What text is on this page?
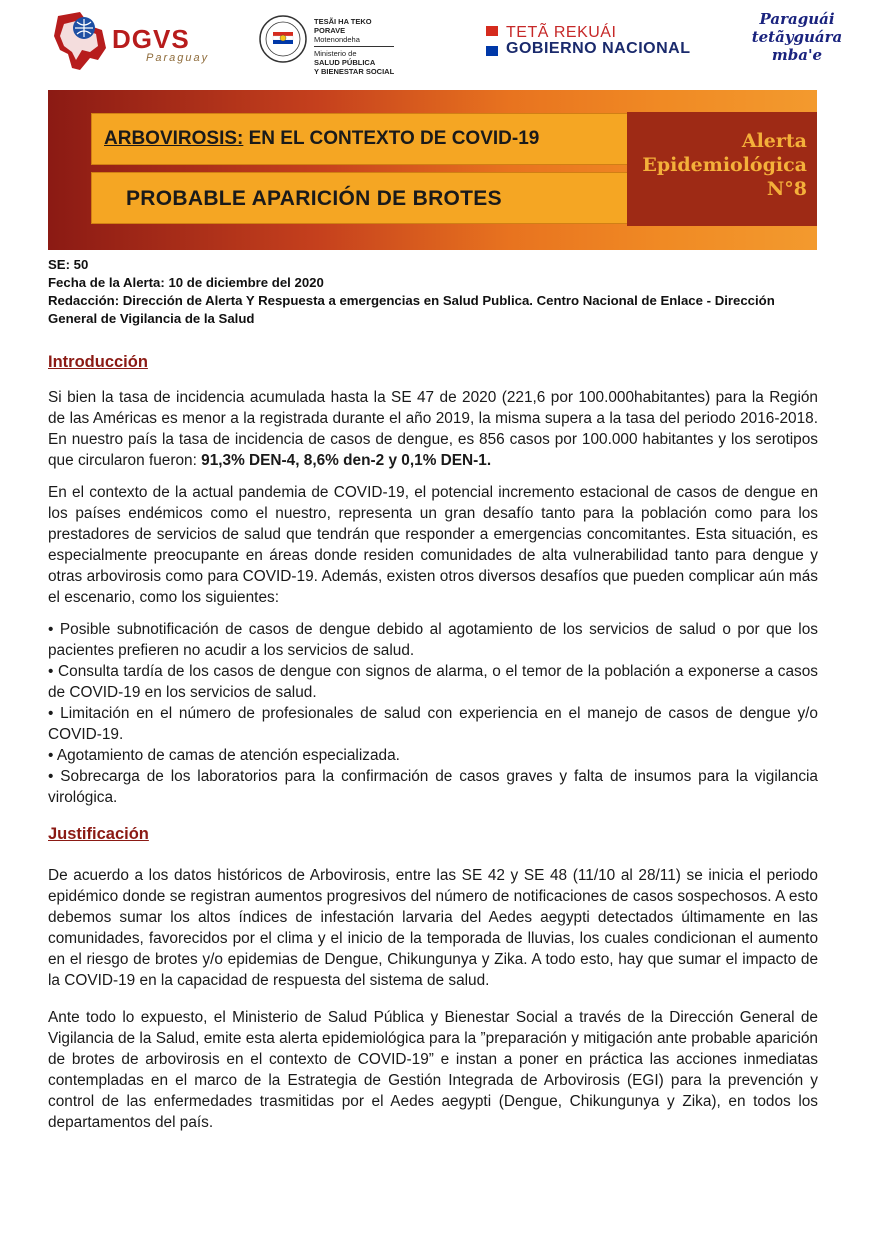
DGVS
Paraguay
TESÃI HA TEKO
PORAVE
Motenondeha
Ministerio de
SALUD PÚBLICA
Y BIENESTAR SOCIAL
TETÃ REKUÁI
GOBIERNO NACIONAL
Paraguái
tetãyguára
mba'e
ARBOVIROSIS: EN EL CONTEXTO DE COVID-19
PROBABLE APARICIÓN DE BROTES
Alerta
Epidemiológica
N°8
SE: 50
Fecha de la Alerta: 10 de diciembre del 2020
Redacción: Dirección de Alerta Y Respuesta a emergencias en Salud Publica. Centro Nacional de Enlace - Dirección General de Vigilancia de la Salud
Introducción
Si bien la tasa de incidencia acumulada hasta la SE 47 de 2020 (221,6 por 100.000habitantes) para la Región de las Américas es menor a la registrada durante el año 2019, la misma supera a la tasa del periodo 2016-2018. En nuestro país la tasa de incidencia de casos de dengue, es 856 casos por 100.000 habitantes y los serotipos que circularon fueron: 91,3% DEN-4, 8,6% den-2 y 0,1% DEN-1.
En el contexto de la actual pandemia de COVID-19, el potencial incremento estacional de casos de dengue en los países endémicos como el nuestro, representa un gran desafío tanto para la población como para los prestadores de servicios de salud que tendrán que responder a emergencias concomitantes. Esta situación, es especialmente preocupante en áreas donde residen comunidades de alta vulnerabilidad tanto para dengue y otras arbovirosis como para COVID-19. Además, existen otros diversos desafíos que pueden complicar aún más el escenario, como los siguientes:
• Posible subnotificación de casos de dengue debido al agotamiento de los servicios de salud o por que los pacientes prefieren no acudir a los servicios de salud.
• Consulta tardía de los casos de dengue con signos de alarma, o el temor de la población a exponerse a casos de COVID-19 en los servicios de salud.
• Limitación en el número de profesionales de salud con experiencia en el manejo de casos de dengue y/o COVID-19.
• Agotamiento de camas de atención especializada.
• Sobrecarga de los laboratorios para la confirmación de casos graves y falta de insumos para la vigilancia virológica.
Justificación
De acuerdo a los datos históricos de Arbovirosis, entre las SE 42 y SE 48 (11/10 al 28/11) se inicia el periodo epidémico donde se registran aumentos progresivos del número de notificaciones de casos sospechosos. A esto debemos sumar los altos índices de infestación larvaria del Aedes aegypti detectados últimamente en las comunidades, favorecidos por el clima y el inicio de la temporada de lluvias, los cuales condicionan el aumento en el riesgo de brotes y/o epidemias de Dengue, Chikungunya y Zika. A todo esto, hay que sumar el impacto de la COVID-19 en la capacidad de respuesta del sistema de salud.
Ante todo lo expuesto, el Ministerio de Salud Pública y Bienestar Social a través de la Dirección General de Vigilancia de la Salud, emite esta alerta epidemiológica para la ”preparación y mitigación ante probable aparición de brotes de arbovirosis en el contexto de COVID-19” e instan a poner en práctica las acciones inmediatas contempladas en el marco de la Estrategia de Gestión Integrada de Arbovirosis (EGI) para la prevención y control de las enfermedades trasmitidas por el Aedes aegypti (Dengue, Chikungunya y Zika), en todos los departamentos del país.
